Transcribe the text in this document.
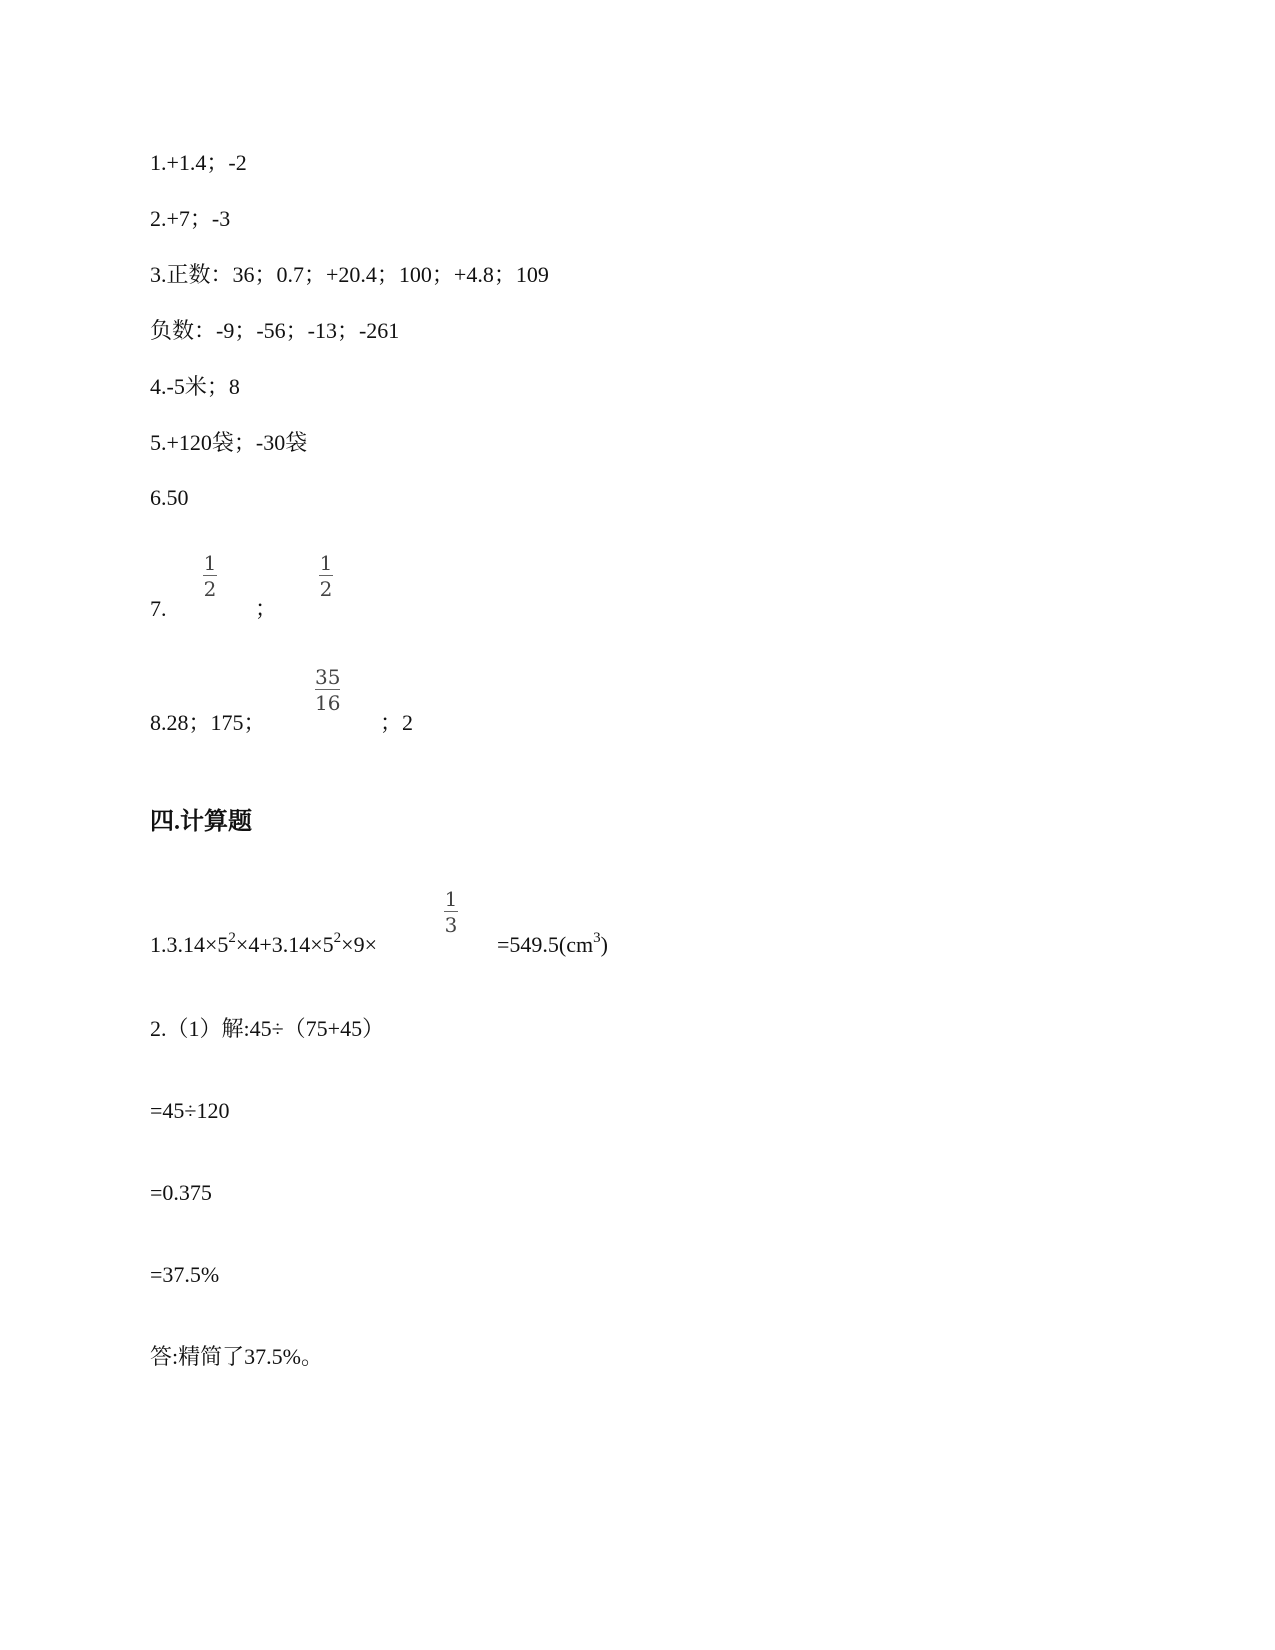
1.+1.4；-2
2.+7；-3
3.正数：36；0.7；+20.4；100；+4.8；109
负数：-9；-56；-13；-261
4.-5米；8
5.+120袋；-30袋
6.50
7.
1
2
；
1
2
8.28；175；
35
16
；2
四.计算题
$1.3.14\times 5^2\times 4+3.14\times 5^2\times 9\times$
1
3
$=549.5(cm^3)$
2.（1）解:45÷（75+45）
=45÷120
=0.375
=37.5%
答:精简了37.5%。
